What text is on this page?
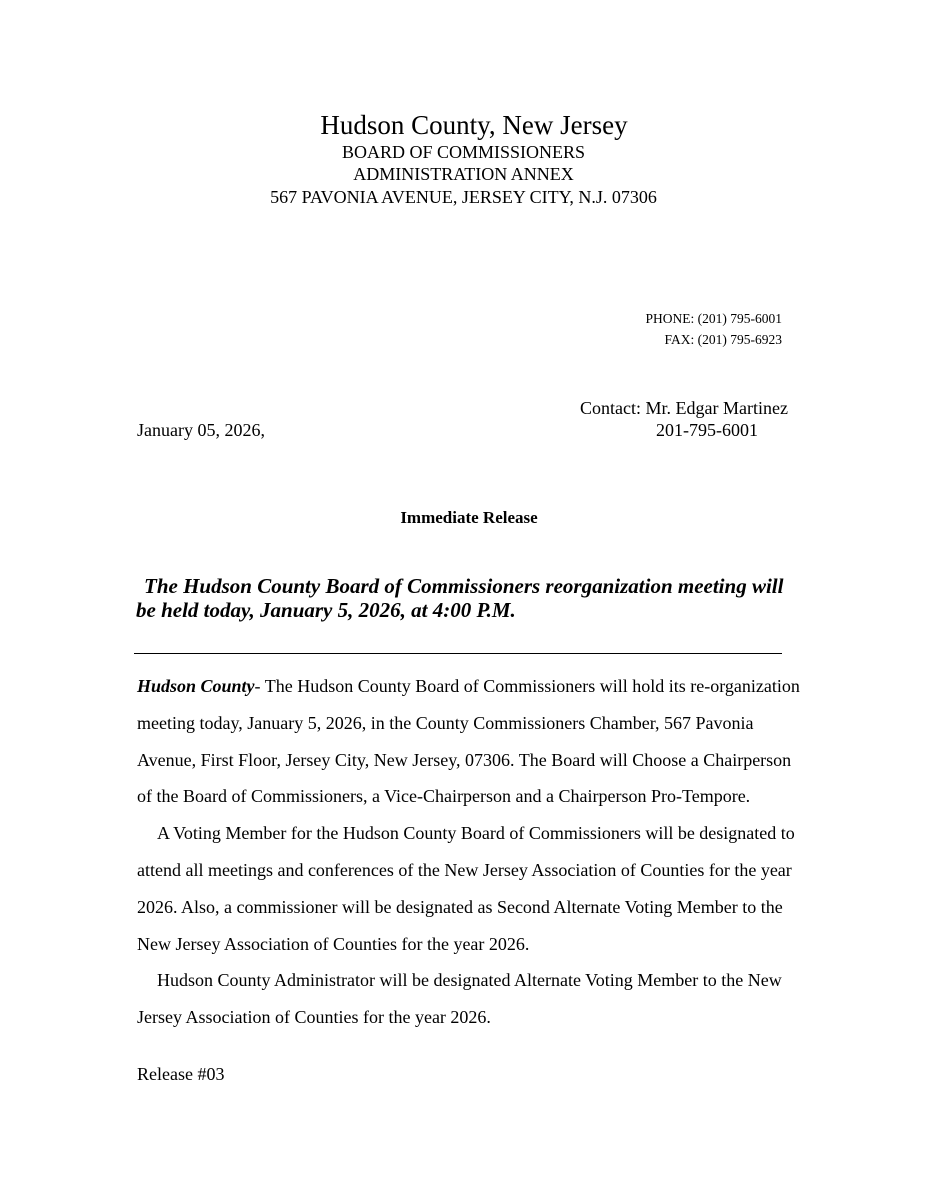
Hudson County, New Jersey
BOARD OF COMMISSIONERS
ADMINISTRATION ANNEX
567 PAVONIA AVENUE, JERSEY CITY, N.J. 07306
PHONE: (201) 795-6001
FAX: (201) 795-6923
Contact: Mr. Edgar Martinez
201-795-6001
January 05, 2026,
Immediate Release
The Hudson County Board of Commissioners reorganization meeting will be held today, January 5, 2026, at 4:00 P.M.

Hudson County- The Hudson County Board of Commissioners will hold its re-organization meeting today, January 5, 2026, in the County Commissioners Chamber, 567 Pavonia Avenue, First Floor, Jersey City, New Jersey, 07306. The Board will Choose a Chairperson of the Board of Commissioners, a Vice-Chairperson and a Chairperson Pro-Tempore.

A Voting Member for the Hudson County Board of Commissioners will be designated to attend all meetings and conferences of the New Jersey Association of Counties for the year 2026. Also, a commissioner will be designated as Second Alternate Voting Member to the New Jersey Association of Counties for the year 2026.

Hudson County Administrator will be designated Alternate Voting Member to the New Jersey Association of Counties for the year 2026.

Release #03
